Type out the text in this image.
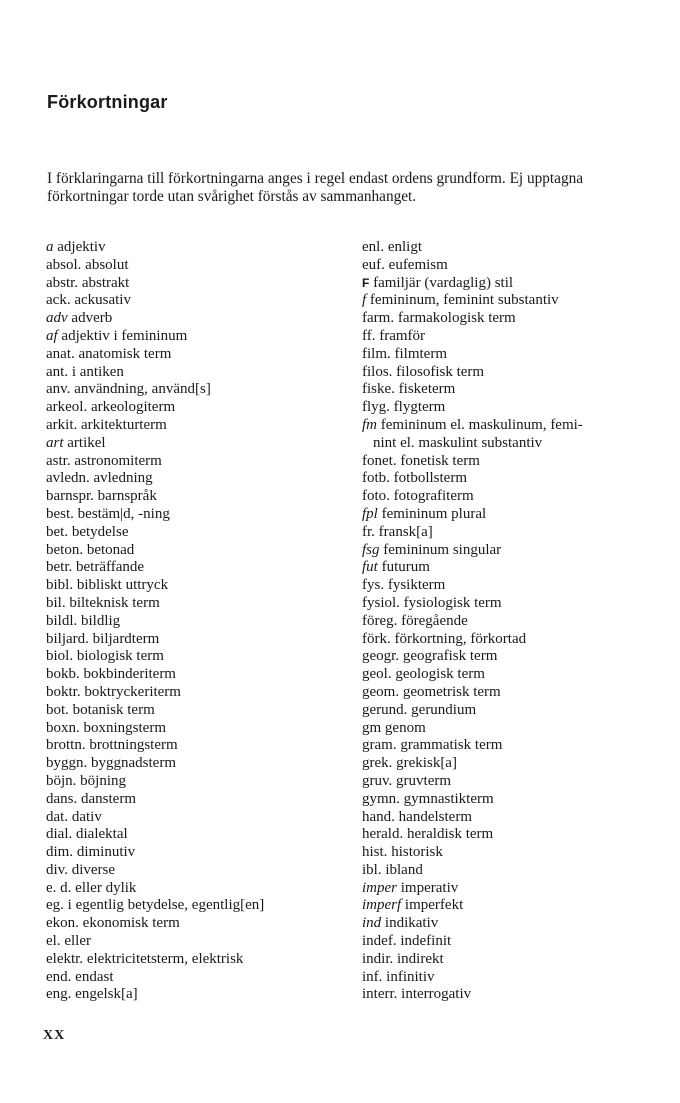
Förkortningar

I förklaringarna till förkortningarna anges i regel endast ordens grundform. Ej upptagna förkortningar torde utan svårighet förstås av sammanhanget.

a adjektiv
absol. absolut
abstr. abstrakt
ack. ackusativ
adv adverb
af adjektiv i femininum
anat. anatomisk term
ant. i antiken
anv. användning, använd[s]
arkeol. arkeologiterm
arkit. arkitekturterm
art artikel
astr. astronomiterm
avledn. avledning
barnspr. barnspråk
best. bestäm|d, -ning
bet. betydelse
beton. betonad
betr. beträffande
bibl. bibliskt uttryck
bil. bilteknisk term
bildl. bildlig
biljard. biljardterm
biol. biologisk term
bokb. bokbinderiterm
boktr. boktryckeriterm
bot. botanisk term
boxn. boxningsterm
brottn. brottningsterm
byggn. byggnadsterm
böjn. böjning
dans. dansterm
dat. dativ
dial. dialektal
dim. diminutiv
div. diverse
e. d. eller dylik
eg. i egentlig betydelse, egentlig[en]
ekon. ekonomisk term
el. eller
elektr. elektricitetsterm, elektrisk
end. endast
eng. engelsk[a]
enl. enligt
euf. eufemism
F familjär (vardaglig) stil
f femininum, feminint substantiv
farm. farmakologisk term
ff. framför
film. filmterm
filos. filosofisk term
fiske. fisketerm
flyg. flygterm
fm femininum el. maskulinum, femi-
nint el. maskulint substantiv
fonet. fonetisk term
fotb. fotbollsterm
foto. fotografiterm
fpl femininum plural
fr. fransk[a]
fsg femininum singular
fut futurum
fys. fysikterm
fysiol. fysiologisk term
föreg. föregående
förk. förkortning, förkortad
geogr. geografisk term
geol. geologisk term
geom. geometrisk term
gerund. gerundium
gm genom
gram. grammatisk term
grek. grekisk[a]
gruv. gruvterm
gymn. gymnastikterm
hand. handelsterm
herald. heraldisk term
hist. historisk
ibl. ibland
imper imperativ
imperf imperfekt
ind indikativ
indef. indefinit
indir. indirekt
inf. infinitiv
interr. interrogativ
XX
